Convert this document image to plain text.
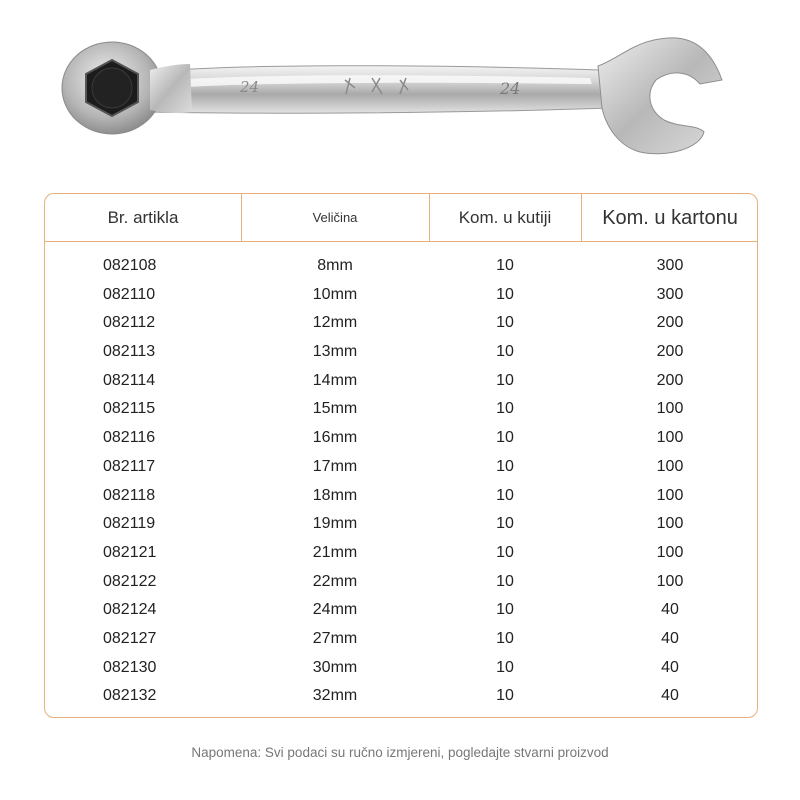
24	24
Br. artikla	Veličina	Kom. u kutiji	Kom. u kartonu
082108	8mm	10	300
082110	10mm	10	300
082112	12mm	10	200
082113	13mm	10	200
082114	14mm	10	200
082115	15mm	10	100
082116	16mm	10	100
082117	17mm	10	100
082118	18mm	10	100
082119	19mm	10	100
082121	21mm	10	100
082122	22mm	10	100
082124	24mm	10	40
082127	27mm	10	40
082130	30mm	10	40
082132	32mm	10	40
Napomena: Svi podaci su ručno izmjereni, pogledajte stvarni proizvod
